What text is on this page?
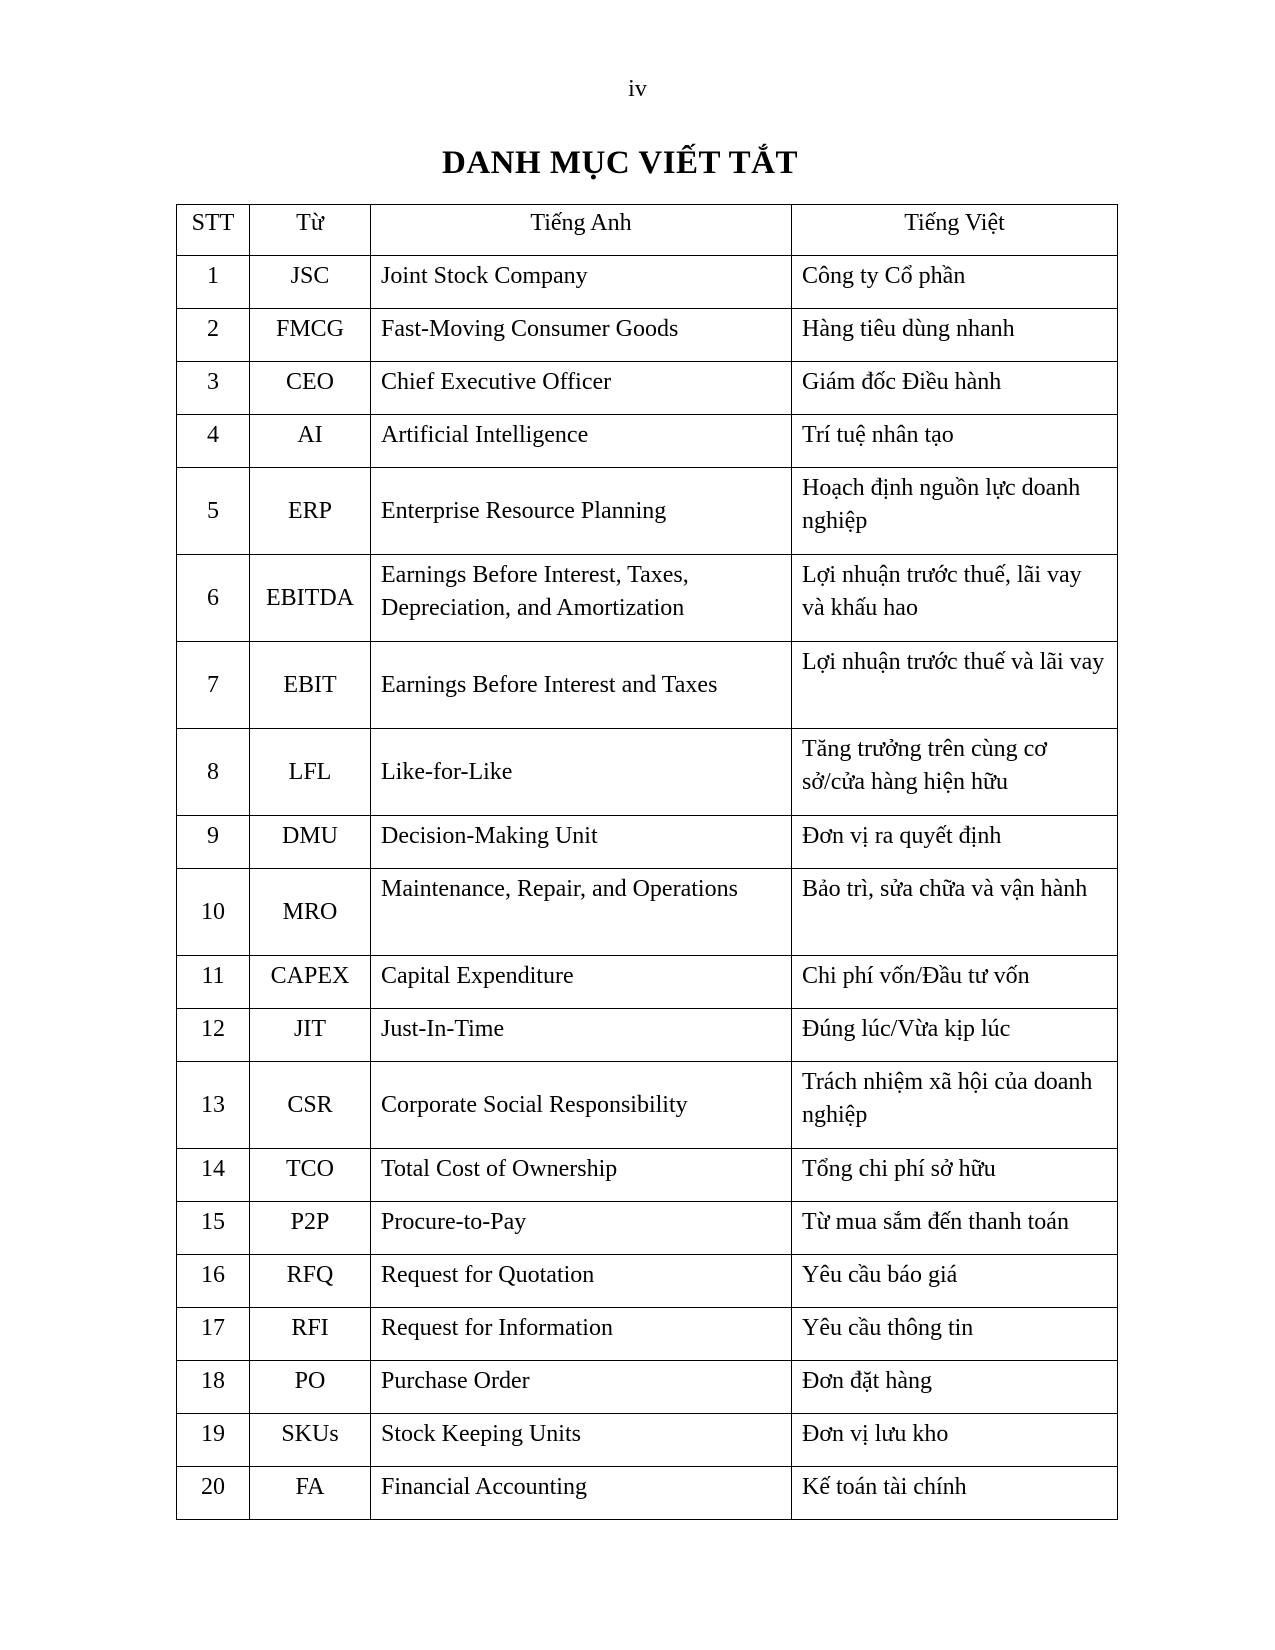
iv
DANH MỤC VIẾT TẮT
STT	Từ	Tiếng Anh	Tiếng Việt
1	JSC	Joint Stock Company	Công ty Cổ phần
2	FMCG	Fast-Moving Consumer Goods	Hàng tiêu dùng nhanh
3	CEO	Chief Executive Officer	Giám đốc Điều hành
4	AI	Artificial Intelligence	Trí tuệ nhân tạo
5	ERP	Enterprise Resource Planning	Hoạch định nguồn lực doanh nghiệp
6	EBITDA	Earnings Before Interest, Taxes, Depreciation, and Amortization	Lợi nhuận trước thuế, lãi vay và khấu hao
7	EBIT	Earnings Before Interest and Taxes	Lợi nhuận trước thuế và lãi vay
8	LFL	Like-for-Like	Tăng trưởng trên cùng cơ sở/cửa hàng hiện hữu
9	DMU	Decision-Making Unit	Đơn vị ra quyết định
10	MRO	Maintenance, Repair, and Operations	Bảo trì, sửa chữa và vận hành
11	CAPEX	Capital Expenditure	Chi phí vốn/Đầu tư vốn
12	JIT	Just-In-Time	Đúng lúc/Vừa kịp lúc
13	CSR	Corporate Social Responsibility	Trách nhiệm xã hội của doanh nghiệp
14	TCO	Total Cost of Ownership	Tổng chi phí sở hữu
15	P2P	Procure-to-Pay	Từ mua sắm đến thanh toán
16	RFQ	Request for Quotation	Yêu cầu báo giá
17	RFI	Request for Information	Yêu cầu thông tin
18	PO	Purchase Order	Đơn đặt hàng
19	SKUs	Stock Keeping Units	Đơn vị lưu kho
20	FA	Financial Accounting	Kế toán tài chính
